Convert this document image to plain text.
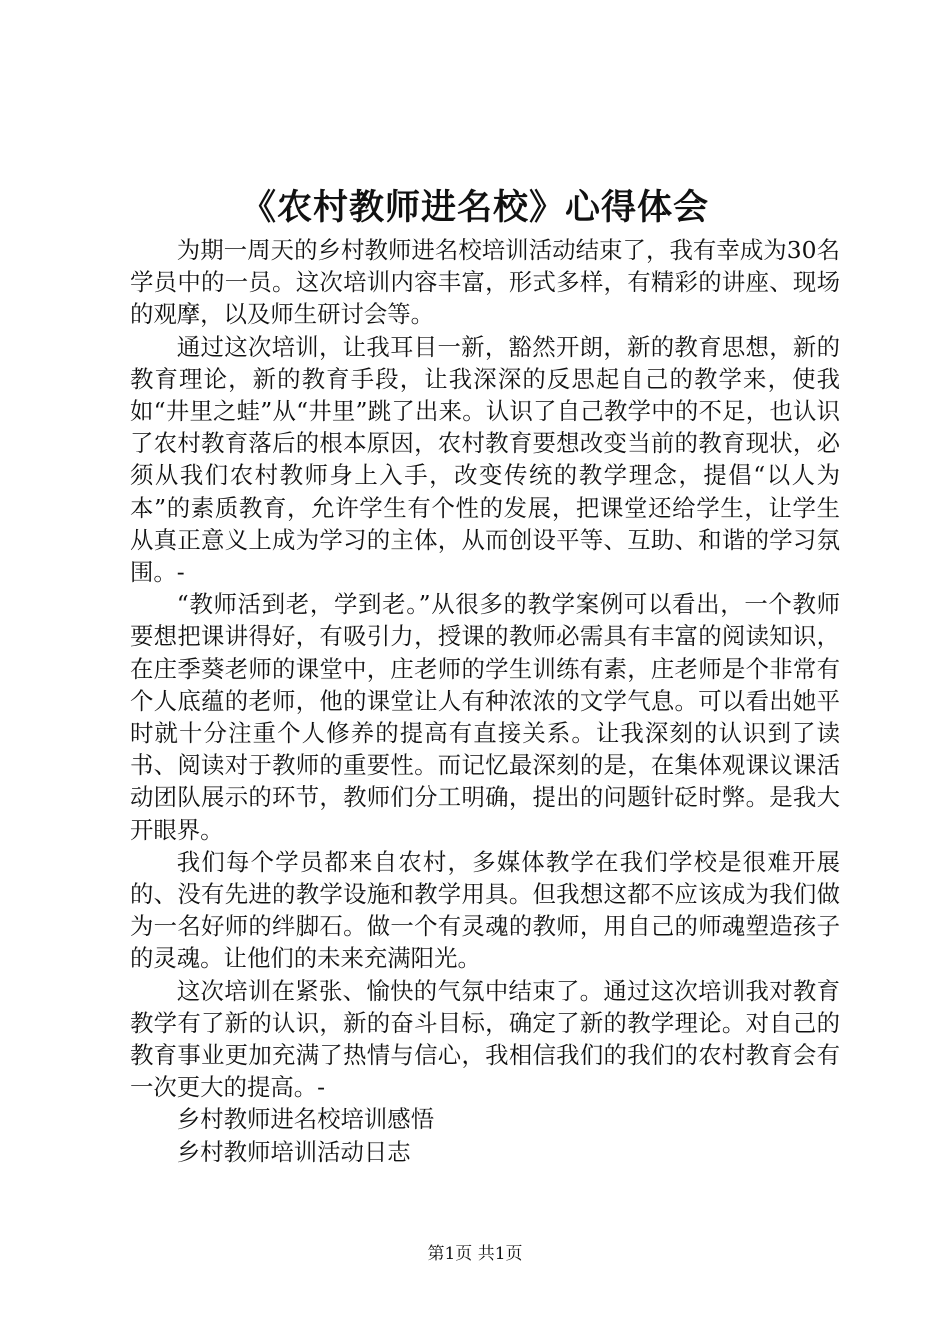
《农村教师进名校》心得体会

为期一周天的乡村教师进名校培训活动结束了，我有幸成为30名学员中的一员。这次培训内容丰富，形式多样，有精彩的讲座、现场的观摩，以及师生研讨会等。

通过这次培训，让我耳目一新，豁然开朗，新的教育思想，新的教育理论，新的教育手段，让我深深的反思起自己的教学来，使我如“井里之蛙”从“井里”跳了出来。认识了自己教学中的不足，也认识了农村教育落后的根本原因，农村教育要想改变当前的教育现状，必须从我们农村教师身上入手，改变传统的教学理念，提倡“以人为本”的素质教育，允许学生有个性的发展，把课堂还给学生，让学生从真正意义上成为学习的主体，从而创设平等、互助、和谐的学习氛围。-

“教师活到老，学到老。”从很多的教学案例可以看出，一个教师要想把课讲得好，有吸引力，授课的教师必需具有丰富的阅读知识，在庄季葵老师的课堂中，庄老师的学生训练有素，庄老师是个非常有个人底蕴的老师，他的课堂让人有种浓浓的文学气息。可以看出她平时就十分注重个人修养的提高有直接关系。让我深刻的认识到了读书、阅读对于教师的重要性。而记忆最深刻的是，在集体观课议课活动团队展示的环节，教师们分工明确，提出的问题针砭时弊。是我大开眼界。

我们每个学员都来自农村，多媒体教学在我们学校是很难开展的、没有先进的教学设施和教学用具。但我想这都不应该成为我们做为一名好师的绊脚石。做一个有灵魂的教师，用自己的师魂塑造孩子的灵魂。让他们的未来充满阳光。

这次培训在紧张、愉快的气氛中结束了。通过这次培训我对教育教学有了新的认识，新的奋斗目标，确定了新的教学理论。对自己的教育事业更加充满了热情与信心，我相信我们的我们的农村教育会有一次更大的提高。-

乡村教师进名校培训感悟

乡村教师培训活动日志

第1页 共1页
